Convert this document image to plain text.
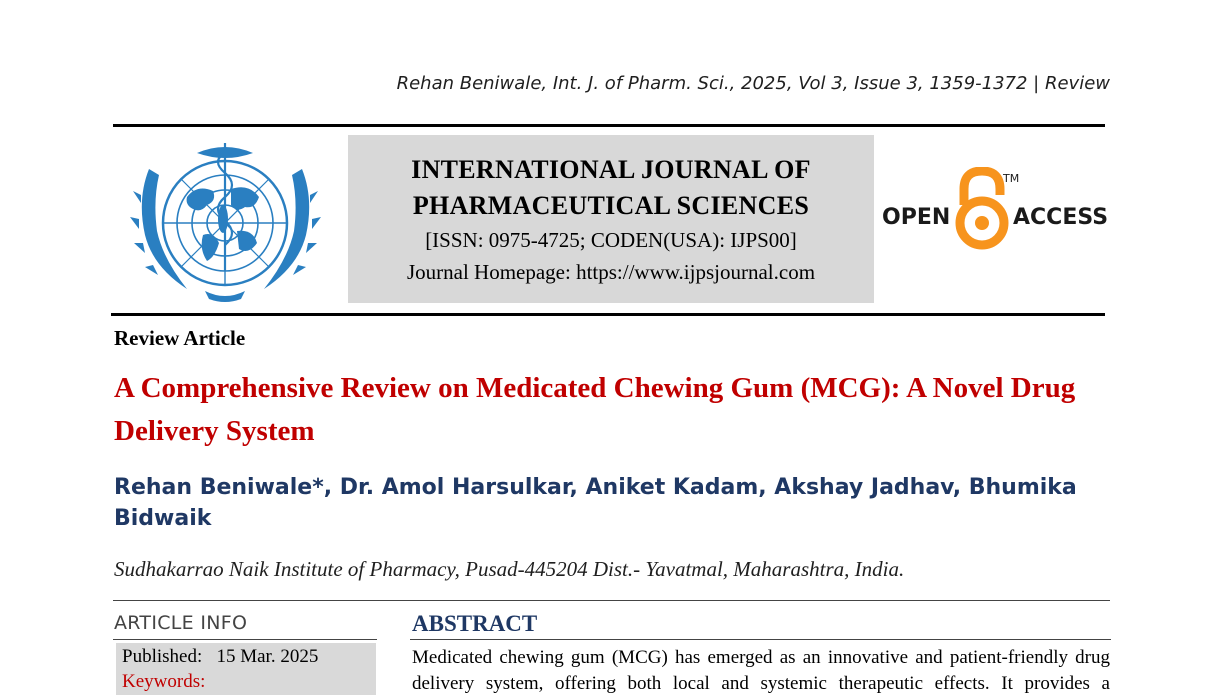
Rehan Beniwale, Int. J. of Pharm. Sci., 2025, Vol 3, Issue 3, 1359-1372 | Review
INTERNATIONAL JOURNAL OF
PHARMACEUTICAL SCIENCES
[ISSN: 0975-4725; CODEN(USA): IJPS00]
Journal Homepage: https://www.ijpsjournal.com
OPEN	ACCESS
TM
Review Article
A Comprehensive Review on Medicated Chewing Gum (MCG): A Novel Drug Delivery System
Rehan Beniwale*, Dr. Amol Harsulkar, Aniket Kadam, Akshay Jadhav, Bhumika Bidwaik
Sudhakarrao Naik Institute of Pharmacy, Pusad-445204 Dist.- Yavatmal, Maharashtra, India.
ARTICLE INFO
Published:   15 Mar. 2025
Keywords:
ABSTRACT
Medicated chewing gum (MCG) has emerged as an innovative and patient-friendly drug
delivery system, offering both local and systemic therapeutic effects. It provides a
